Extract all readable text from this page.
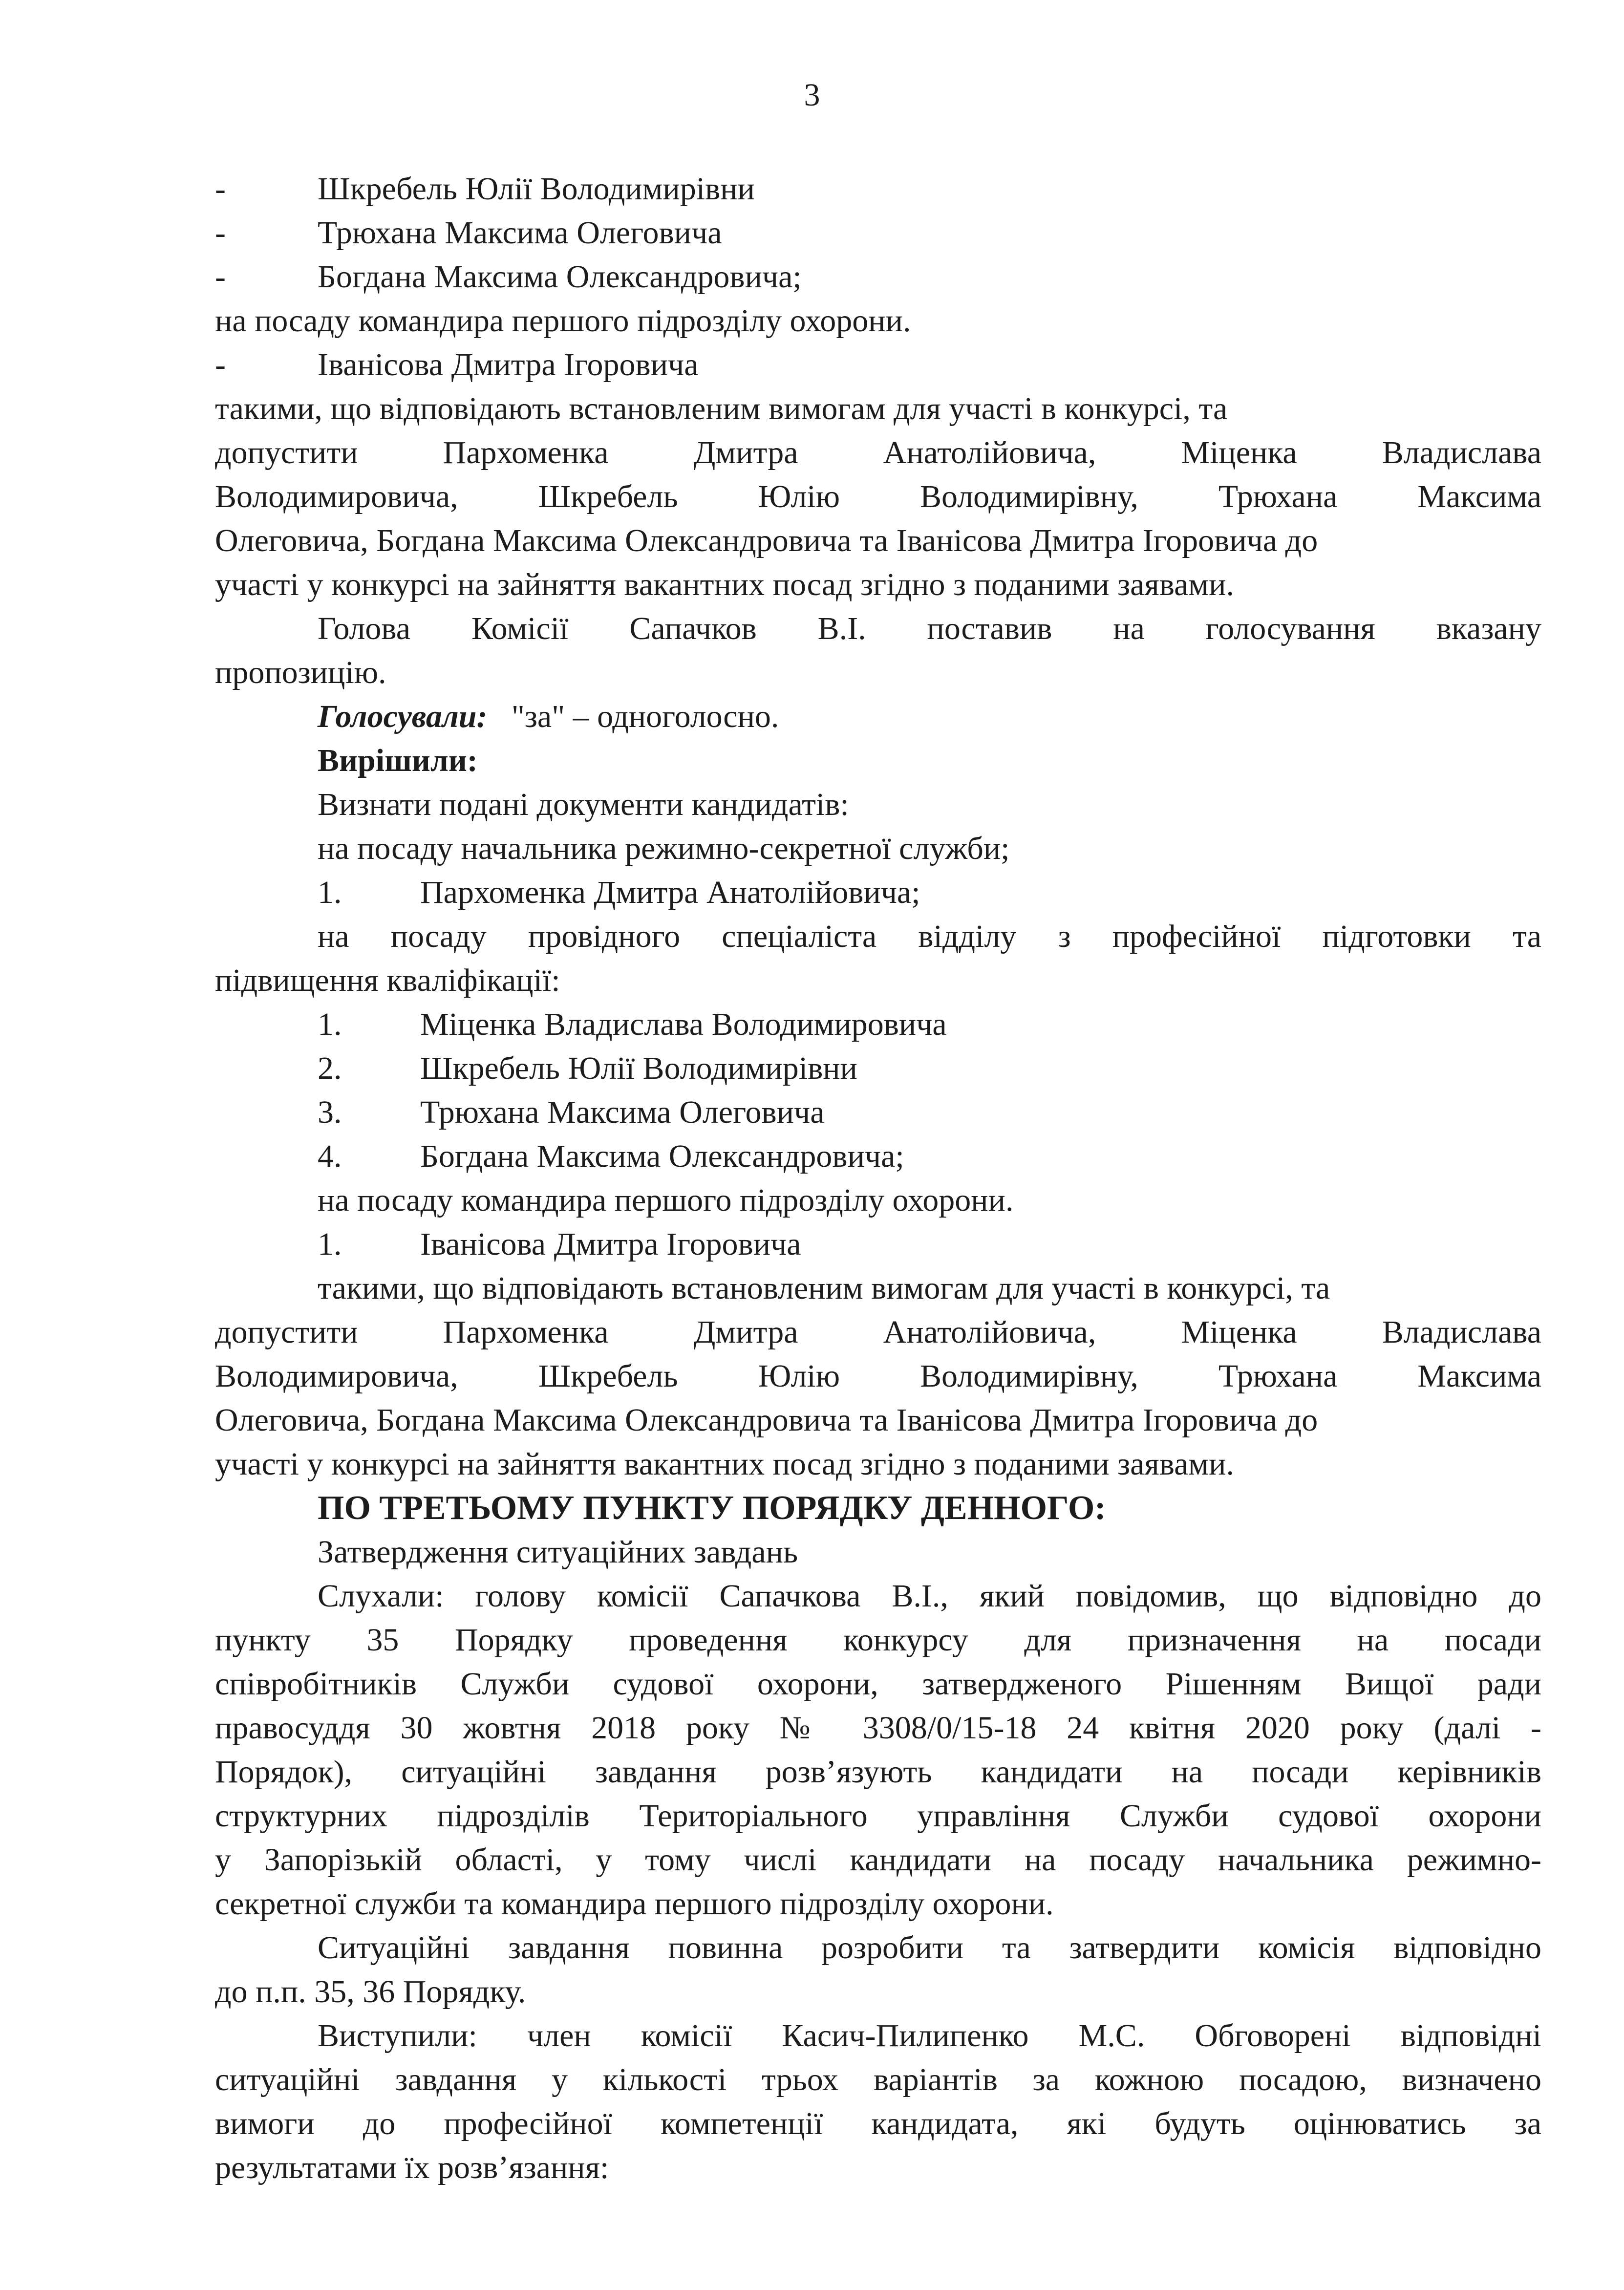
3
-	Шкребель Юлії Володимирівни
-	Трюхана Максима Олеговича
-	Богдана Максима Олександровича;
на посаду командира першого підрозділу охорони.
-	Іванісова Дмитра Ігоровича
такими, що відповідають встановленим вимогам для участі в конкурсі, та
допустити Пархоменка Дмитра Анатолійовича, Міценка Владислава
Володимировича, Шкребель Юлію Володимирівну, Трюхана Максима
Олеговича, Богдана Максима Олександровича та Іванісова Дмитра Ігоровича до
участі у конкурсі на зайняття вакантних посад згідно з поданими заявами.
Голова Комісії Сапачков В.І. поставив на голосування вказану
пропозицію.
Голосували: "за" – одноголосно.
Вирішили:
Визнати подані документи кандидатів:
на посаду начальника режимно-секретної служби;
1. Пархоменка Дмитра Анатолійовича;
на посаду провідного спеціаліста відділу з професійної підготовки та
підвищення кваліфікації:
1. Міценка Владислава Володимировича
2. Шкребель Юлії Володимирівни
3. Трюхана Максима Олеговича
4. Богдана Максима Олександровича;
на посаду командира першого підрозділу охорони.
1. Іванісова Дмитра Ігоровича
такими, що відповідають встановленим вимогам для участі в конкурсі, та
допустити Пархоменка Дмитра Анатолійовича, Міценка Владислава
Володимировича, Шкребель Юлію Володимирівну, Трюхана Максима
Олеговича, Богдана Максима Олександровича та Іванісова Дмитра Ігоровича до
участі у конкурсі на зайняття вакантних посад згідно з поданими заявами.
ПО ТРЕТЬОМУ ПУНКТУ ПОРЯДКУ ДЕННОГО:
Затвердження ситуаційних завдань
Слухали: голову комісії Сапачкова В.І., який повідомив, що відповідно до
пункту 35 Порядку проведення конкурсу для призначення на посади
співробітників Служби судової охорони, затвердженого Рішенням Вищої ради
правосуддя 30 жовтня 2018 року № 3308/0/15-18 24 квітня 2020 року (далі -
Порядок), ситуаційні завдання розв’язують кандидати на посади керівників
структурних підрозділів Територіального управління Служби судової охорони
у Запорізькій області, у тому числі кандидати на посаду начальника режимно-
секретної служби та командира першого підрозділу охорони.
Ситуаційні завдання повинна розробити та затвердити комісія відповідно
до п.п. 35, 36 Порядку.
Виступили: член комісії Касич-Пилипенко М.С. Обговорені відповідні
ситуаційні завдання у кількості трьох варіантів за кожною посадою, визначено
вимоги до професійної компетенції кандидата, які будуть оцінюватись за
результатами їх розв’язання:
